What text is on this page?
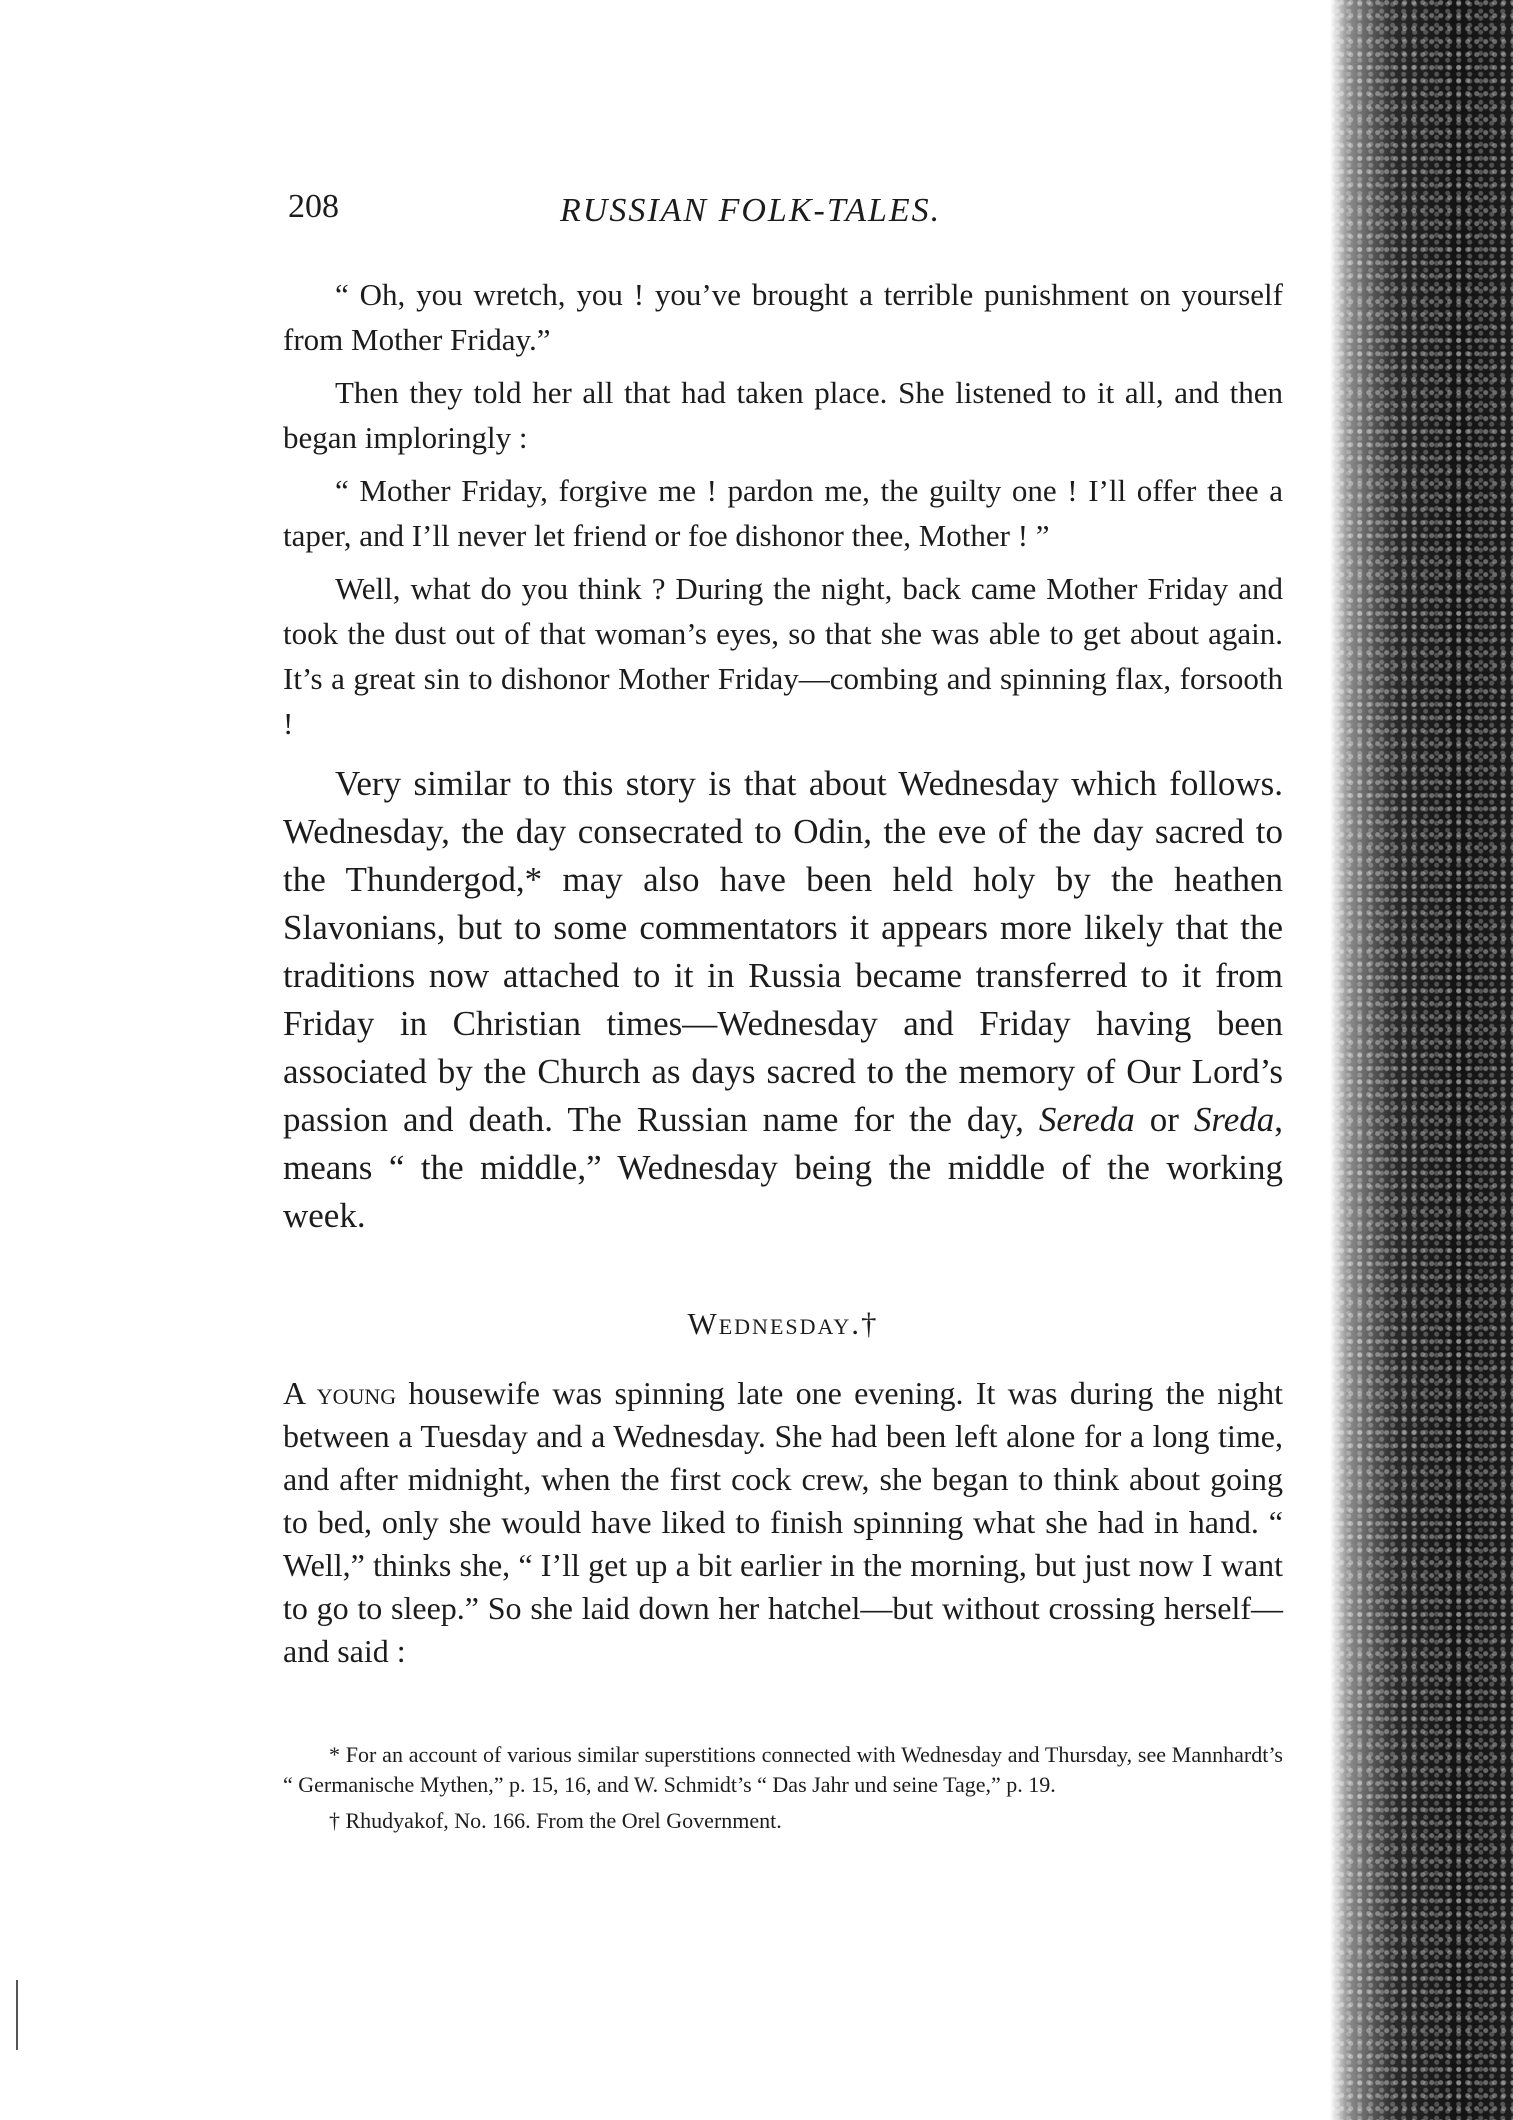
208	RUSSIAN FOLK-TALES.

“ Oh, you wretch, you ! you’ve brought a terrible punishment on yourself from Mother Friday.”

Then they told her all that had taken place. She listened to it all, and then began imploringly :

“ Mother Friday, forgive me ! pardon me, the guilty one ! I’ll offer thee a taper, and I’ll never let friend or foe dishonor thee, Mother ! ”

Well, what do you think ? During the night, back came Mother Friday and took the dust out of that woman’s eyes, so that she was able to get about again. It’s a great sin to dishonor Mother Friday—combing and spinning flax, forsooth !

Very similar to this story is that about Wednesday which follows. Wednesday, the day consecrated to Odin, the eve of the day sacred to the Thundergod,* may also have been held holy by the heathen Slavonians, but to some commentators it appears more likely that the traditions now attached to it in Russia became transferred to it from Friday in Christian times—Wednesday and Friday having been associated by the Church as days sacred to the memory of Our Lord’s passion and death. The Russian name for the day, Sereda or Sreda, means “ the middle,” Wednesday being the middle of the working week.

Wednesday.†

A young housewife was spinning late one evening. It was during the night between a Tuesday and a Wednesday. She had been left alone for a long time, and after midnight, when the first cock crew, she began to think about going to bed, only she would have liked to finish spinning what she had in hand. “ Well,” thinks she, “ I’ll get up a bit earlier in the morning, but just now I want to go to sleep.” So she laid down her hatchel—but without crossing herself—and said :

* For an account of various similar superstitions connected with Wednesday and Thursday, see Mannhardt’s “ Germanische Mythen,” p. 15, 16, and W. Schmidt’s “ Das Jahr und seine Tage,” p. 19.

† Rhudyakof, No. 166. From the Orel Government.
